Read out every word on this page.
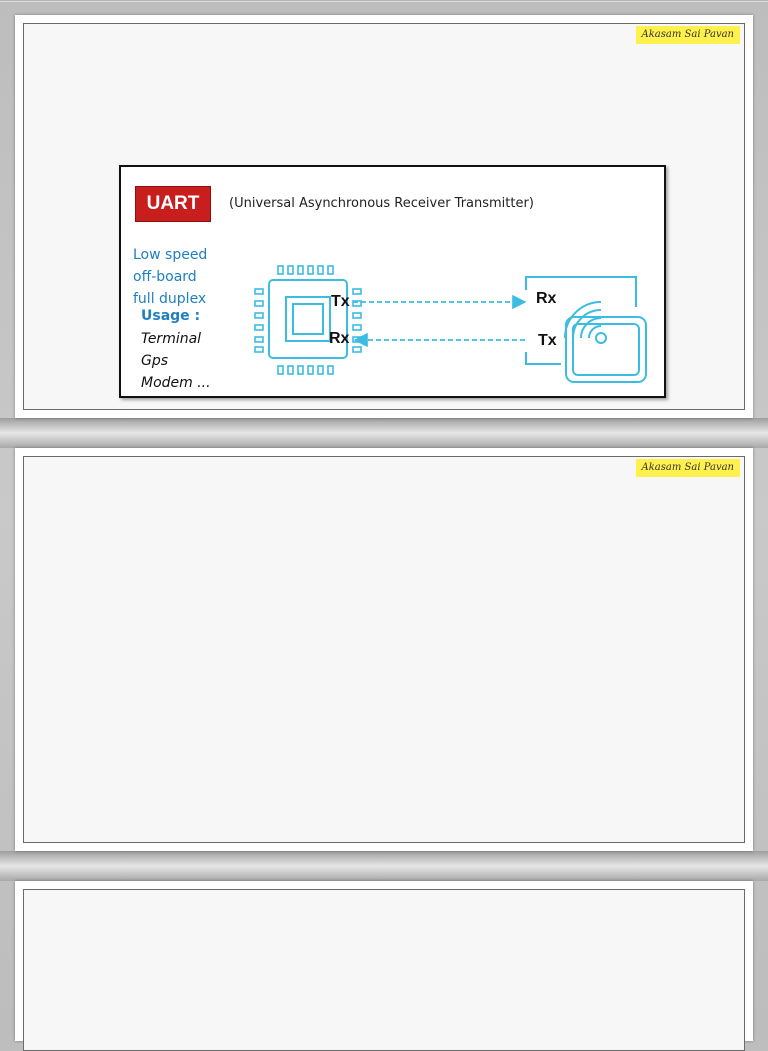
Akasam Sai Pavan
UART	(Universal Asynchronous Receiver Transmitter)
Low speed
off-board
full duplex
Usage :
Terminal
Gps
Modem ...
Tx
Rx
Rx
Tx
Akasam Sai Pavan
